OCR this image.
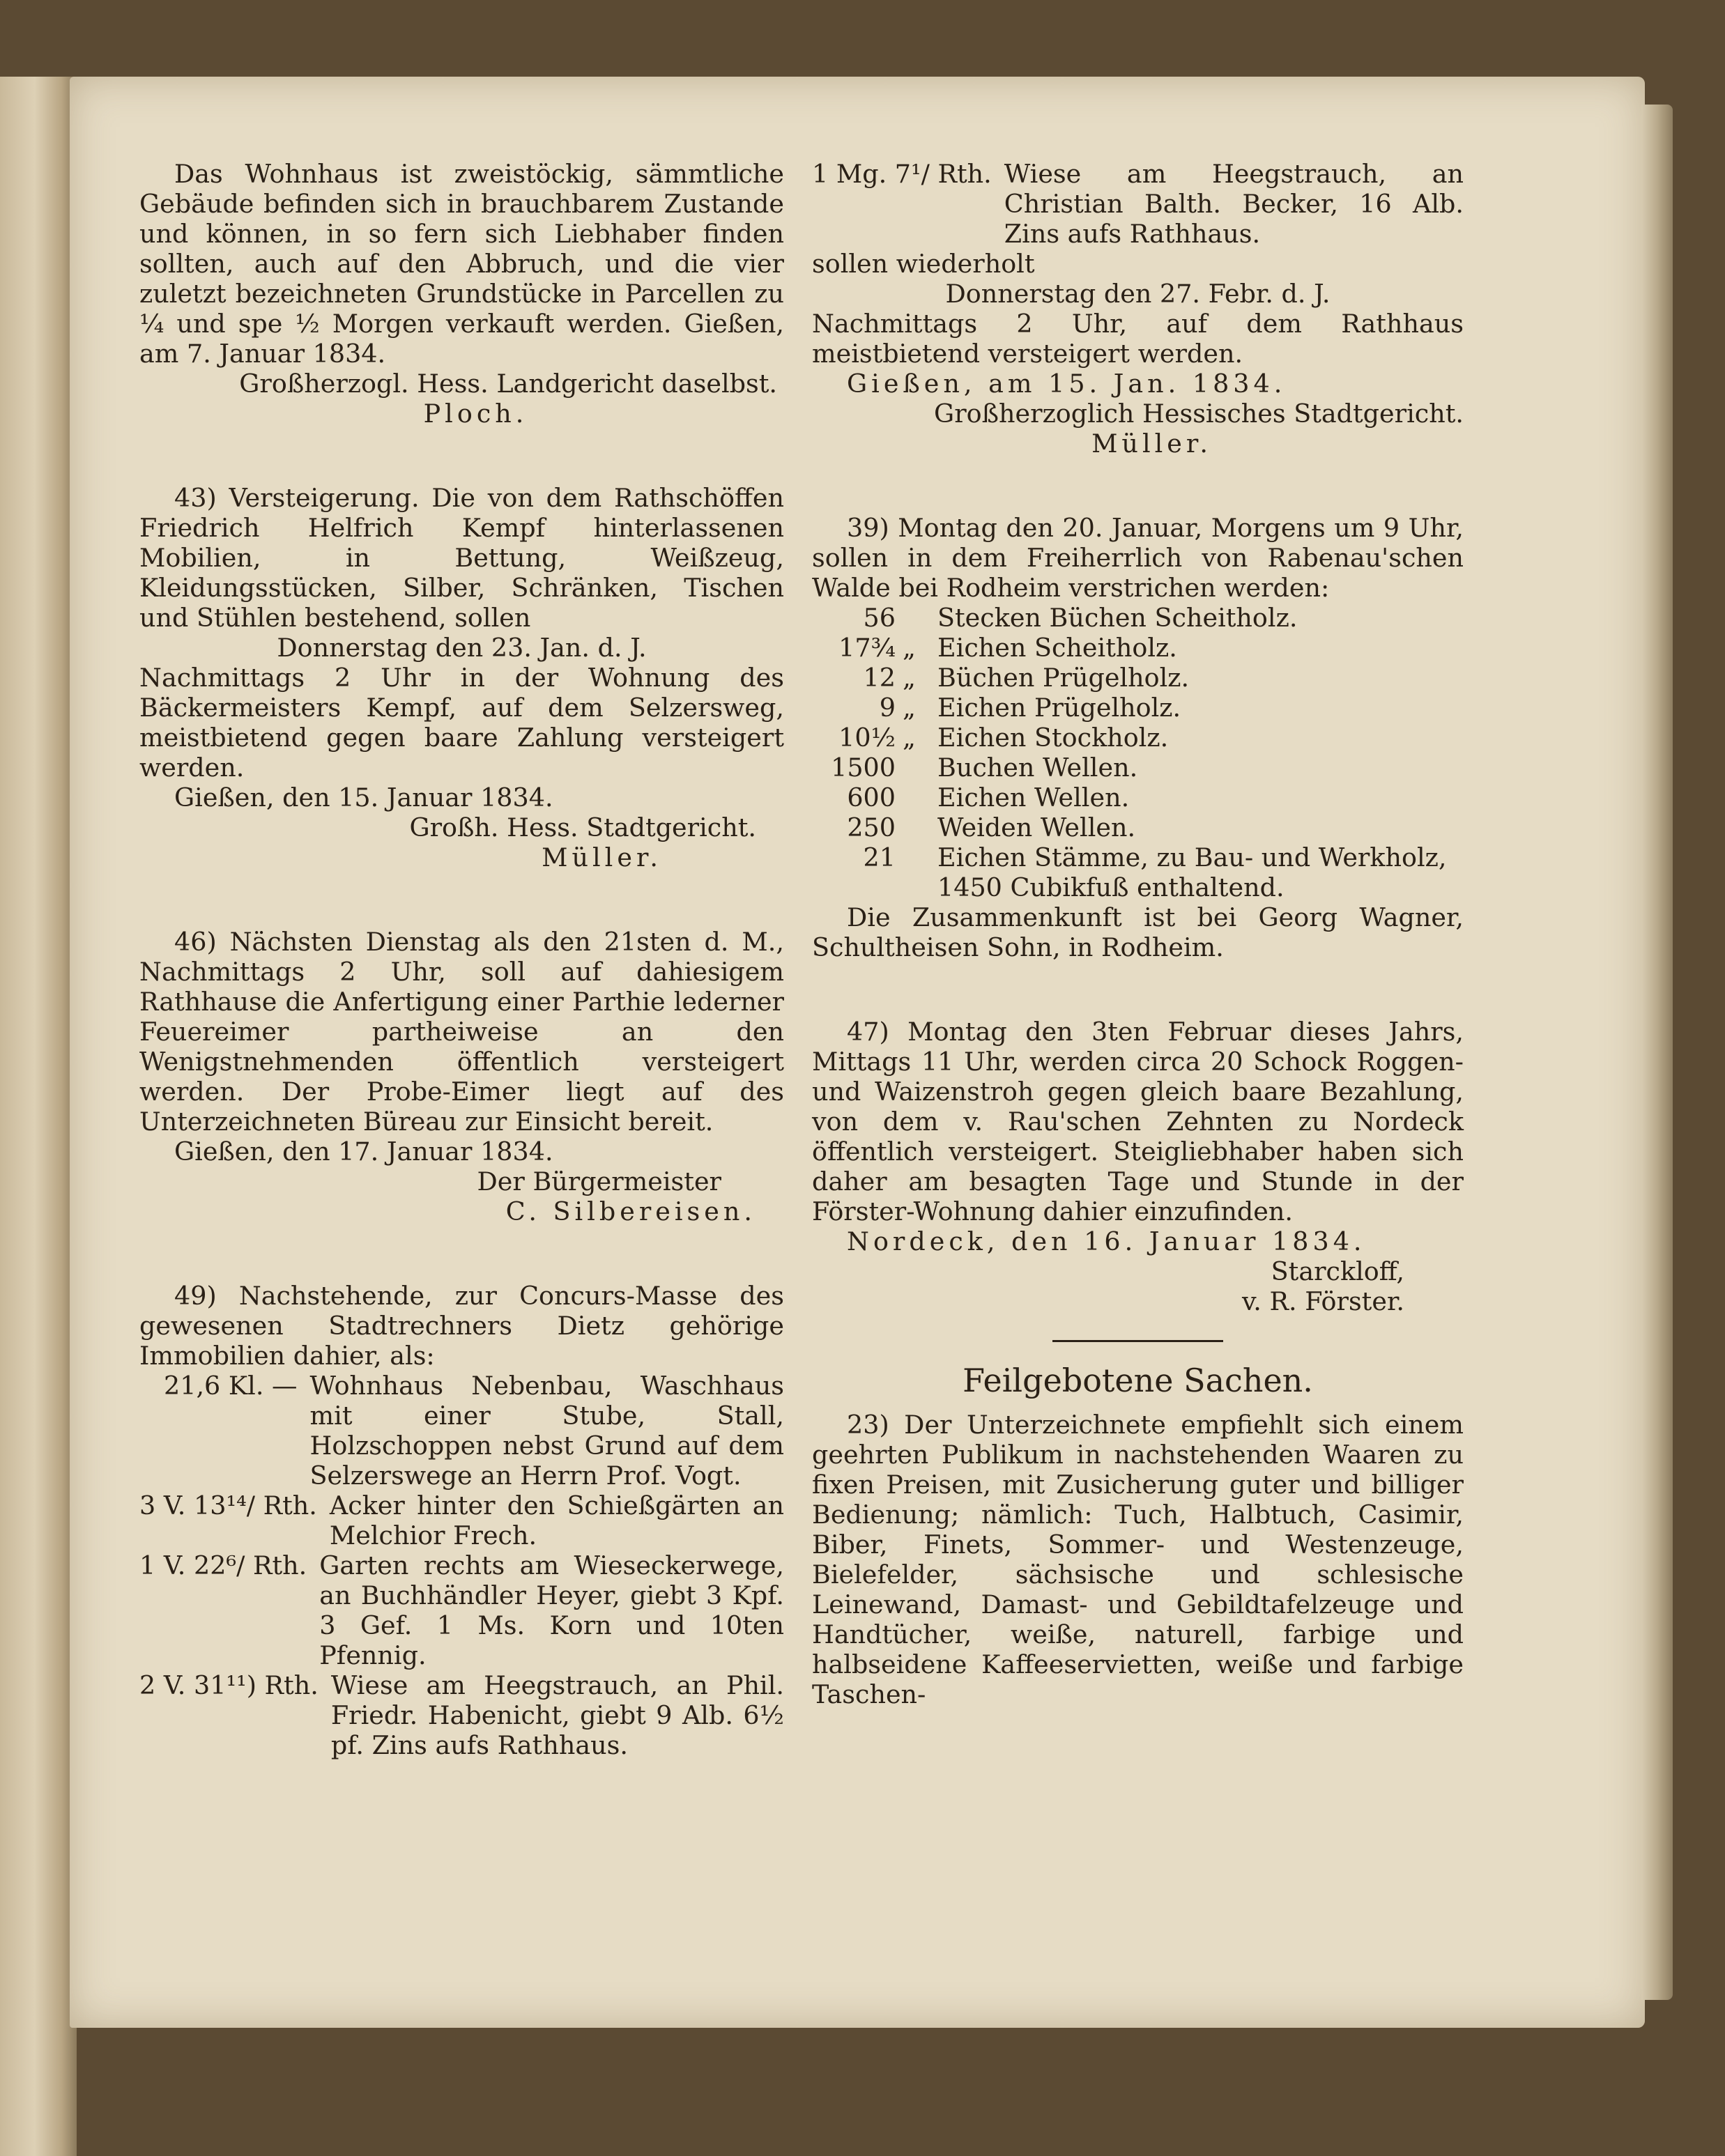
Das Wohnhaus ist zweistöckig, sämmtliche Gebäude befinden sich in brauchbarem Zustande und können, in so fern sich Liebhaber finden sollten, auch auf den Abbruch, und die vier zuletzt bezeichneten Grundstücke in Parcellen zu ¼ und spe ½ Morgen verkauft werden. Gießen, am 7. Januar 1834.

Großherzogl. Hess. Landgericht daselbst.

Ploch.

43) Versteigerung. Die von dem Rathschöffen Friedrich Helfrich Kempf hinterlassenen Mobilien, in Bettung, Weißzeug, Kleidungsstücken, Silber, Schränken, Tischen und Stühlen bestehend, sollen

Donnerstag den 23. Jan. d. J.

Nachmittags 2 Uhr in der Wohnung des Bäckermeisters Kempf, auf dem Selzersweg, meistbietend gegen baare Zahlung versteigert werden.

Gießen, den 15. Januar 1834.

Großh. Hess. Stadtgericht.

Müller.

46) Nächsten Dienstag als den 21sten d. M., Nachmittags 2 Uhr, soll auf dahiesigem Rathhause die Anfertigung einer Parthie lederner Feuereimer partheiweise an den Wenigstnehmenden öffentlich versteigert werden. Der Probe-Eimer liegt auf des Unterzeichneten Büreau zur Einsicht bereit.

Gießen, den 17. Januar 1834.

Der Bürgermeister

C. Silbereisen.

49) Nachstehende, zur Concurs-Masse des gewesenen Stadtrechners Dietz gehörige Immobilien dahier, als:

21,6 Kl. — Wohnhaus Nebenbau, Waschhaus mit einer Stube, Stall, Holzschoppen nebst Grund auf dem Selzerswege an Herrn Prof. Vogt.
3 V. 13¹⁴/ Rth. Acker hinter den Schießgärten an Melchior Frech.
1 V. 22⁶/ Rth. Garten rechts am Wieseckerwege, an Buchhändler Heyer, giebt 3 Kpf. 3 Gef. 1 Ms. Korn und 10ten Pfennig.
2 V. 31¹¹) Rth. Wiese am Heegstrauch, an Phil. Friedr. Habenicht, giebt 9 Alb. 6½ pf. Zins aufs Rathhaus.
1 Mg. 7¹/ Rth. Wiese am Heegstrauch, an Christian Balth. Becker, 16 Alb. Zins aufs Rathhaus.

sollen wiederholt

Donnerstag den 27. Febr. d. J.

Nachmittags 2 Uhr, auf dem Rathhaus meistbietend versteigert werden.

Gießen, am 15. Jan. 1834.

Großherzoglich Hessisches Stadtgericht.

Müller.

39) Montag den 20. Januar, Morgens um 9 Uhr, sollen in dem Freiherrlich von Rabenau'schen Walde bei Rodheim verstrichen werden:

56 Stecken Büchen Scheitholz.
17¾ „ Eichen Scheitholz.
12 „ Büchen Prügelholz.
9 „ Eichen Prügelholz.
10½ „ Eichen Stockholz.
1500 Buchen Wellen.
600 Eichen Wellen.
250 Weiden Wellen.
21 Eichen Stämme, zu Bau- und Werkholz, 1450 Cubikfuß enthaltend.

Die Zusammenkunft ist bei Georg Wagner, Schultheisen Sohn, in Rodheim.

47) Montag den 3ten Februar dieses Jahrs, Mittags 11 Uhr, werden circa 20 Schock Roggen- und Waizenstroh gegen gleich baare Bezahlung, von dem v. Rau'schen Zehnten zu Nordeck öffentlich versteigert. Steigliebhaber haben sich daher am besagten Tage und Stunde in der Förster-Wohnung dahier einzufinden.

Nordeck, den 16. Januar 1834.

Starckloff,

v. R. Förster.

Feilgebotene Sachen.

23) Der Unterzeichnete empfiehlt sich einem geehrten Publikum in nachstehenden Waaren zu fixen Preisen, mit Zusicherung guter und billiger Bedienung; nämlich: Tuch, Halbtuch, Casimir, Biber, Finets, Sommer- und Westenzeuge, Bielefelder, sächsische und schlesische Leinewand, Damast- und Gebildtafelzeuge und Handtücher, weiße, naturell, farbige und halbseidene Kaffeeservietten, weiße und farbige Taschen-
